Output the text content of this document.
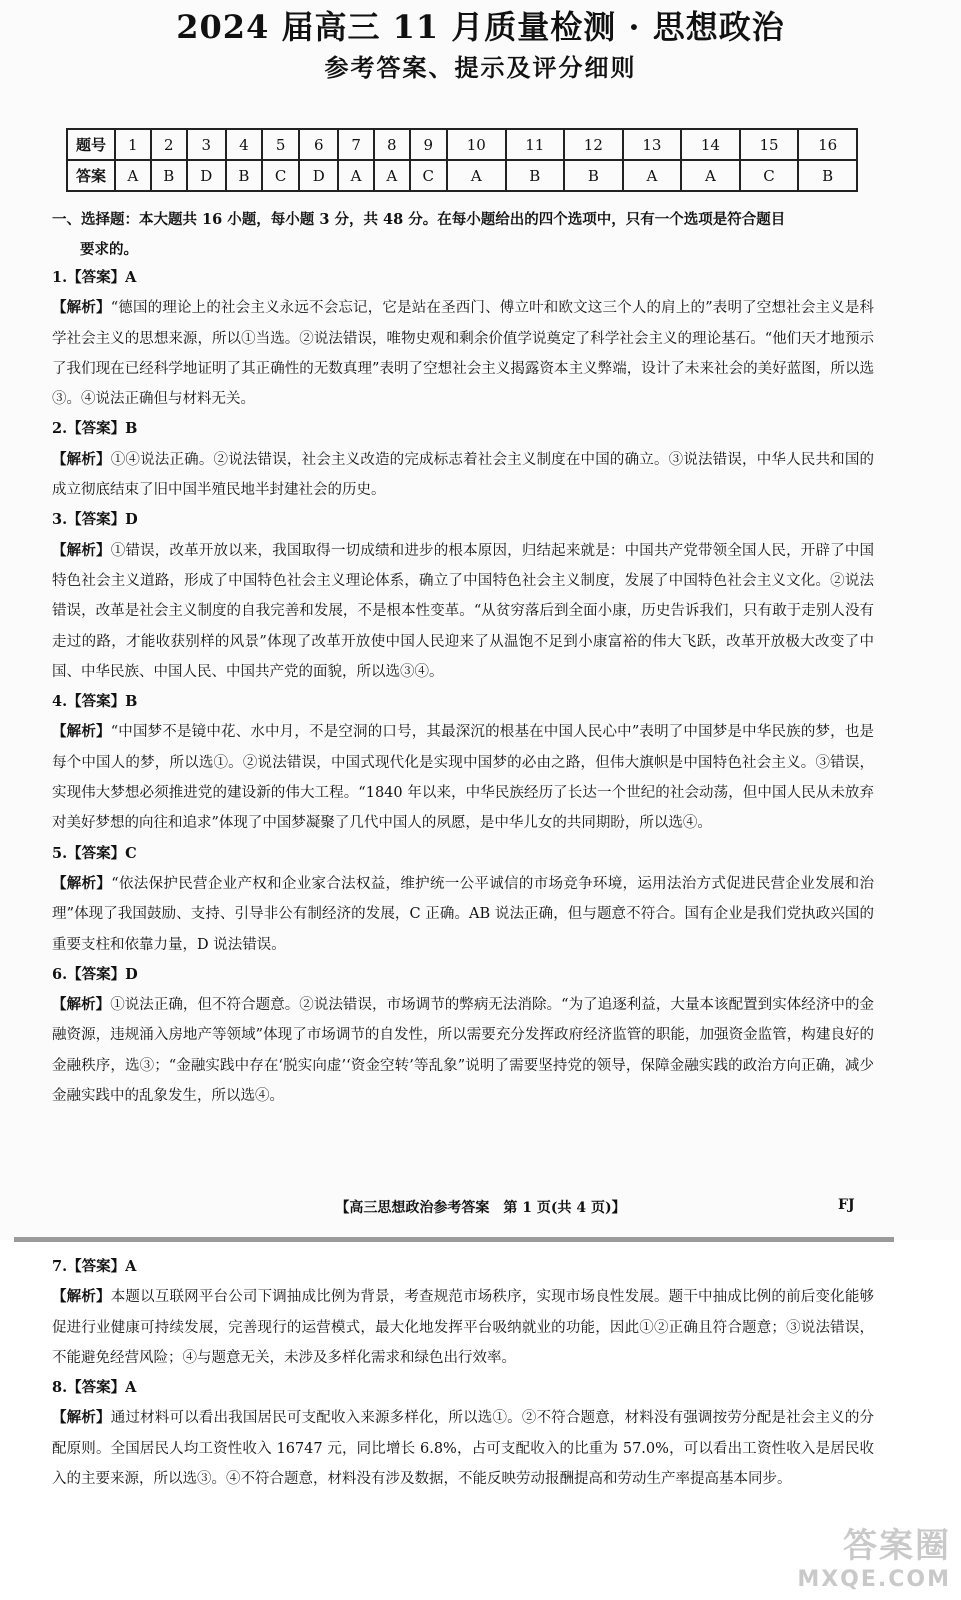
2024 届高三 11 月质量检测 · 思想政治
参考答案、提示及评分细则
题号	1	2	3	4	5	6	7	8	9	10	11	12	13	14	15	16
答案	A	B	D	B	C	D	A	A	C	A	B	B	A	A	C	B
一、选择题：本大题共 16 小题，每小题 3 分，共 48 分。在每小题给出的四个选项中，只有一个选项是符合题目
要求的。
1.【答案】A

【解析】“德国的理论上的社会主义永远不会忘记，它是站在圣西门、傅立叶和欧文这三个人的肩上的”表明了空想社会主义是科学社会主义的思想来源，所以①当选。②说法错误，唯物史观和剩余价值学说奠定了科学社会主义的理论基石。“他们天才地预示了我们现在已经科学地证明了其正确性的无数真理”表明了空想社会主义揭露资本主义弊端，设计了未来社会的美好蓝图，所以选③。④说法正确但与材料无关。

2.【答案】B

【解析】①④说法正确。②说法错误，社会主义改造的完成标志着社会主义制度在中国的确立。③说法错误，中华人民共和国的成立彻底结束了旧中国半殖民地半封建社会的历史。

3.【答案】D

【解析】①错误，改革开放以来，我国取得一切成绩和进步的根本原因，归结起来就是：中国共产党带领全国人民，开辟了中国特色社会主义道路，形成了中国特色社会主义理论体系，确立了中国特色社会主义制度，发展了中国特色社会主义文化。②说法错误，改革是社会主义制度的自我完善和发展，不是根本性变革。“从贫穷落后到全面小康，历史告诉我们，只有敢于走别人没有走过的路，才能收获别样的风景”体现了改革开放使中国人民迎来了从温饱不足到小康富裕的伟大飞跃，改革开放极大改变了中国、中华民族、中国人民、中国共产党的面貌，所以选③④。

4.【答案】B

【解析】“中国梦不是镜中花、水中月，不是空洞的口号，其最深沉的根基在中国人民心中”表明了中国梦是中华民族的梦，也是每个中国人的梦，所以选①。②说法错误，中国式现代化是实现中国梦的必由之路，但伟大旗帜是中国特色社会主义。③错误，实现伟大梦想必须推进党的建设新的伟大工程。“1840 年以来，中华民族经历了长达一个世纪的社会动荡，但中国人民从未放弃对美好梦想的向往和追求”体现了中国梦凝聚了几代中国人的夙愿，是中华儿女的共同期盼，所以选④。

5.【答案】C

【解析】“依法保护民营企业产权和企业家合法权益，维护统一公平诚信的市场竞争环境，运用法治方式促进民营企业发展和治理”体现了我国鼓励、支持、引导非公有制经济的发展，C 正确。AB 说法正确，但与题意不符合。国有企业是我们党执政兴国的重要支柱和依靠力量，D 说法错误。

6.【答案】D

【解析】①说法正确，但不符合题意。②说法错误，市场调节的弊病无法消除。“为了追逐利益，大量本该配置到实体经济中的金融资源，违规涌入房地产等领域”体现了市场调节的自发性，所以需要充分发挥政府经济监管的职能，加强资金监管，构建良好的金融秩序，选③；“金融实践中存在‘脱实向虚’‘资金空转’等乱象”说明了需要坚持党的领导，保障金融实践的政治方向正确，减少金融实践中的乱象发生，所以选④。

【高三思想政治参考答案　第 1 页(共 4 页)】	FJ
7.【答案】A

【解析】本题以互联网平台公司下调抽成比例为背景，考查规范市场秩序，实现市场良性发展。题干中抽成比例的前后变化能够促进行业健康可持续发展，完善现行的运营模式，最大化地发挥平台吸纳就业的功能，因此①②正确且符合题意；③说法错误，不能避免经营风险；④与题意无关，未涉及多样化需求和绿色出行效率。

8.【答案】A

【解析】通过材料可以看出我国居民可支配收入来源多样化，所以选①。②不符合题意，材料没有强调按劳分配是社会主义的分配原则。全国居民人均工资性收入 16747 元，同比增长 6.8%，占可支配收入的比重为 57.0%，可以看出工资性收入是居民收入的主要来源，所以选③。④不符合题意，材料没有涉及数据，不能反映劳动报酬提高和劳动生产率提高基本同步。

答案圈
MXQE.COM
